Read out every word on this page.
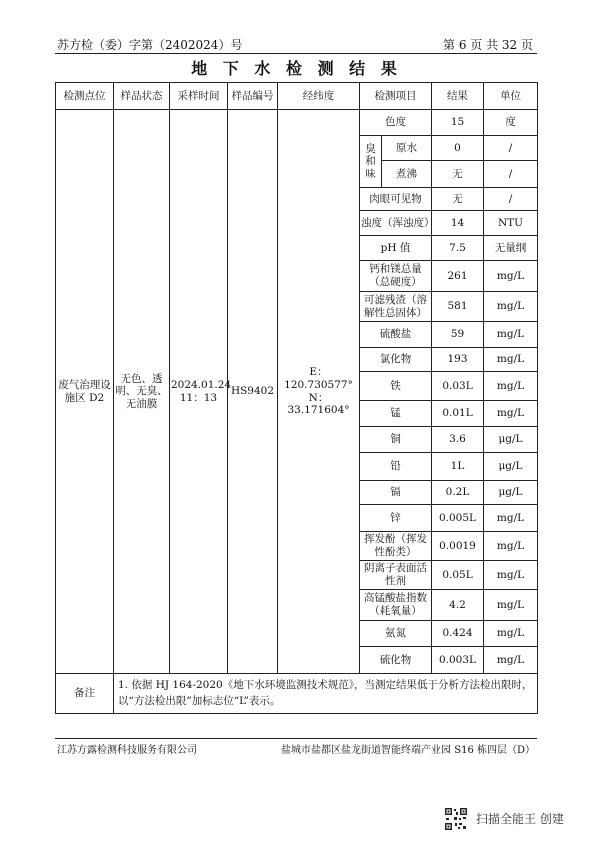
苏方检（委）字第（2402024）号	第 6 页 共 32 页
地 下 水 检 测 结 果
检测点位	样品状态	采样时间	样品编号	经纬度	检测项目		结果	单位
废气治理设施区 D2	无色、透明、无臭、无油膜	2024.01.24 11：13	HS9402	E：120.730577° N：33.171604°	色度		15	度
					臭和味	原水	0	/
						煮沸	无	/
					肉眼可见物		无	/
					浊度（浑浊度）		14	NTU
					pH 值		7.5	无量纲
					钙和镁总量（总硬度）		261	mg/L
					可滤残渣（溶解性总固体）		581	mg/L
					硫酸盐		59	mg/L
					氯化物		193	mg/L
					铁		0.03L	mg/L
					锰		0.01L	mg/L
					铜		3.6	μg/L
					铅		1L	μg/L
					镉		0.2L	μg/L
					锌		0.005L	mg/L
					挥发酚（挥发性酚类）		0.0019	mg/L
					阴离子表面活性剂		0.05L	mg/L
					高锰酸盐指数（耗氧量）		4.2	mg/L
					氨氮		0.424	mg/L
					硫化物		0.003L	mg/L
备注	1. 依据 HJ 164-2020《地下水环境监测技术规范》，当测定结果低于分析方法检出限时，以“方法检出限”加标志位“L”表示。							
江苏方露检测科技服务有限公司	盐城市盐都区盐龙街道智能终端产业园 S16 栋四层（D）
扫描全能王 创建
